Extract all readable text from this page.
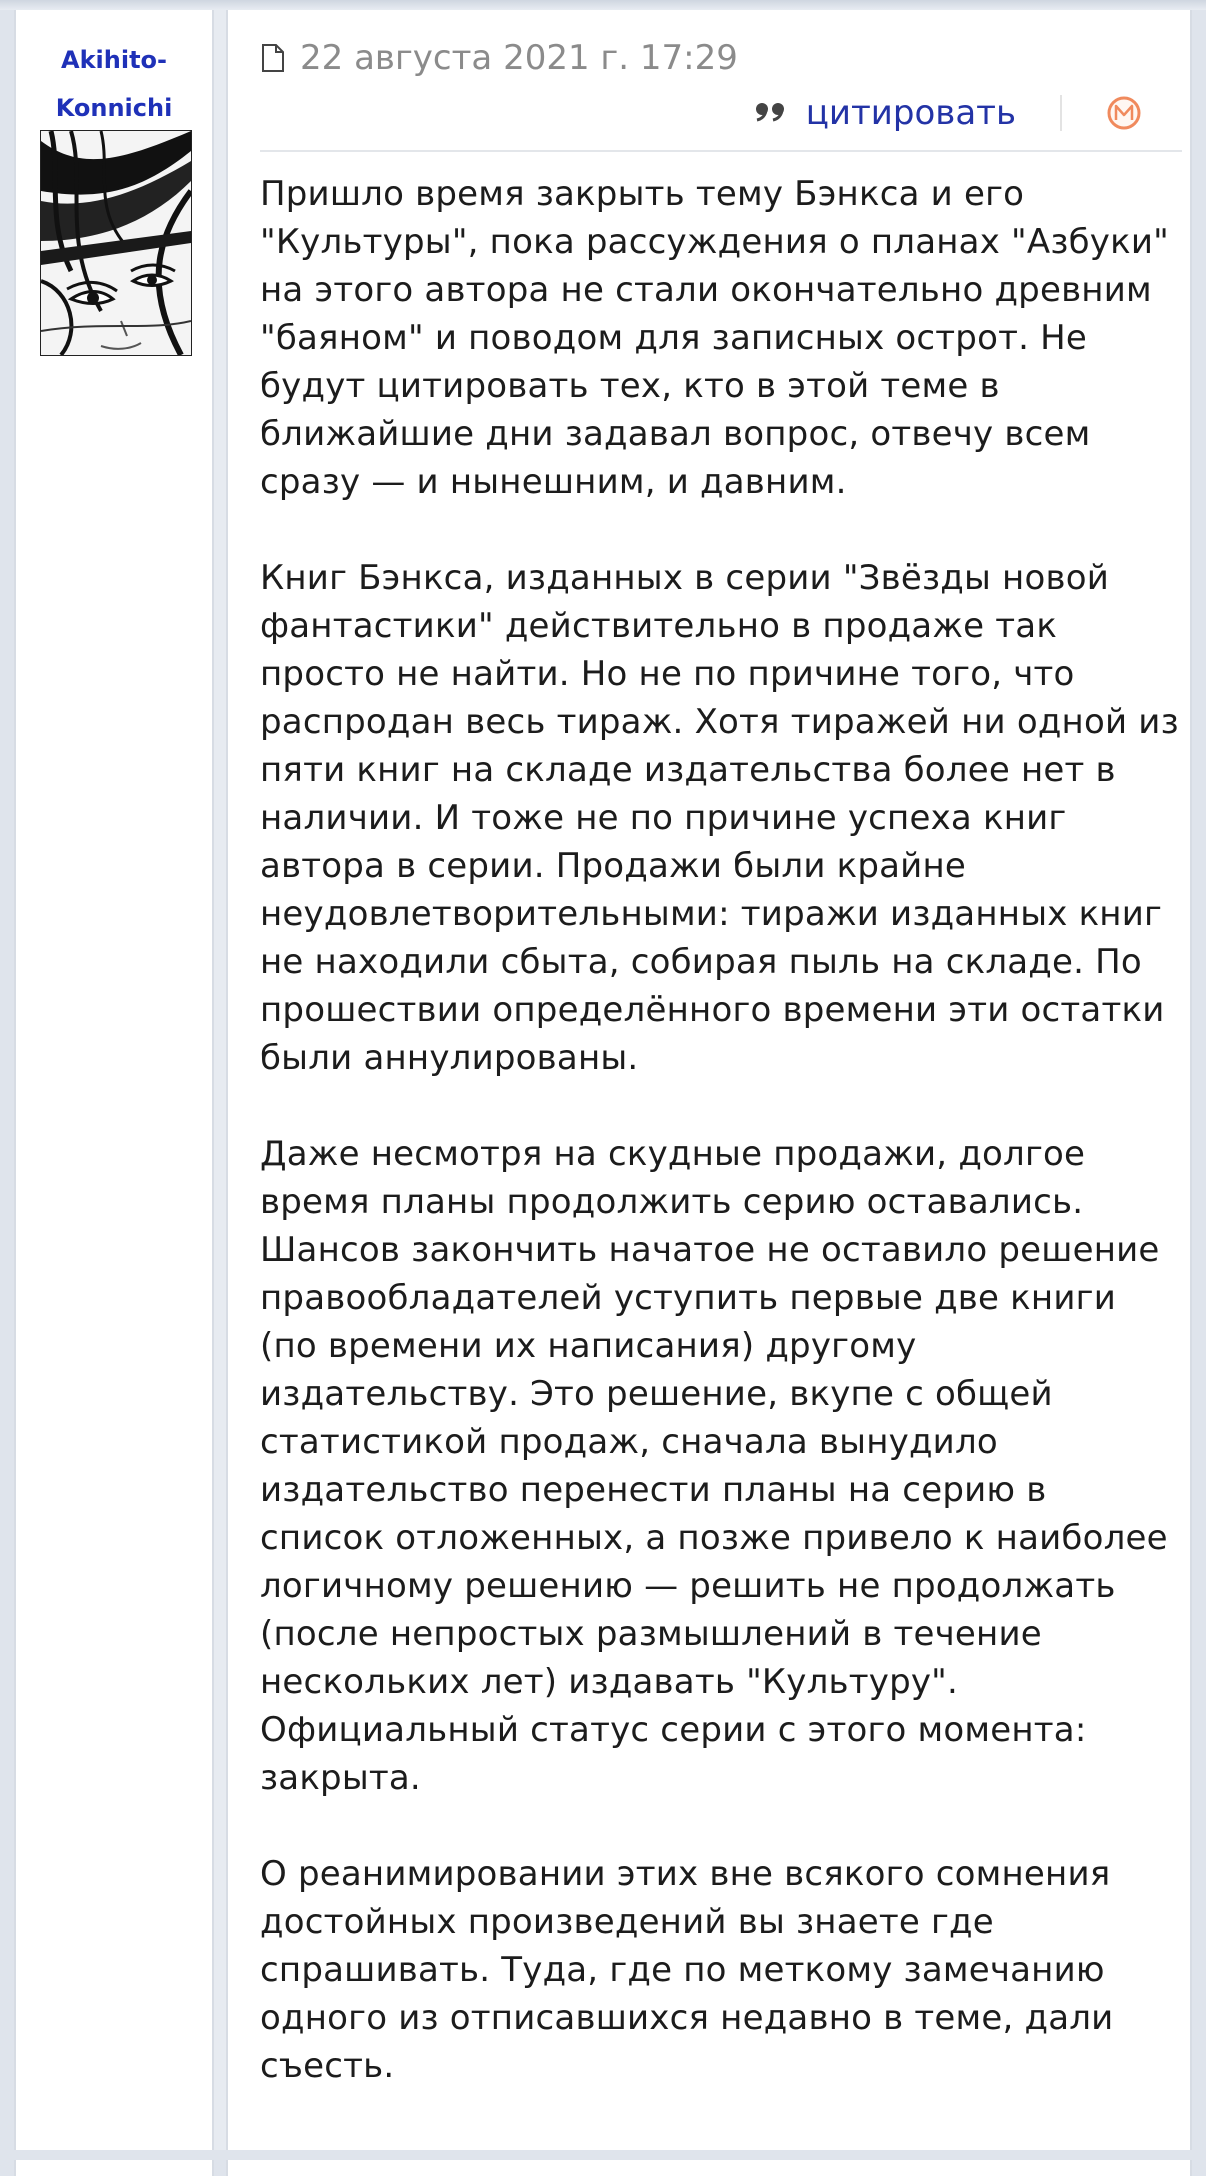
Akihito-
Konnichi
22 августа 2021 г. 17:29
цитировать

Пришло время закрыть тему Бэнкса и его "Культуры", пока рассуждения о планах "Азбуки" на этого автора не стали окончательно древним "баяном" и поводом для записных острот. Не будут цитировать тех, кто в этой теме в ближайшие дни задавал вопрос, отвечу всем сразу — и нынешним, и давним.

Книг Бэнкса, изданных в серии "Звёзды новой фантастики" действительно в продаже так просто не найти. Но не по причине того, что распродан весь тираж. Хотя тиражей ни одной из пяти книг на складе издательства более нет в наличии. И тоже не по причине успеха книг автора в серии. Продажи были крайне неудовлетворительными: тиражи изданных книг не находили сбыта, собирая пыль на складе. По прошествии определённого времени эти остатки были аннулированы.

Даже несмотря на скудные продажи, долгое время планы продолжить серию оставались. Шансов закончить начатое не оставило решение правообладателей уступить первые две книги (по времени их написания) другому издательству. Это решение, вкупе с общей статистикой продаж, сначала вынудило издательство перенести планы на серию в список отложенных, а позже привело к наиболее логичному решению — решить не продолжать (после непростых размышлений в течение нескольких лет) издавать "Культуру". Официальный статус серии с этого момента: закрыта.

О реанимировании этих вне всякого сомнения достойных произведений вы знаете где спрашивать. Туда, где по меткому замечанию одного из отписавшихся недавно в теме, дали съесть.
